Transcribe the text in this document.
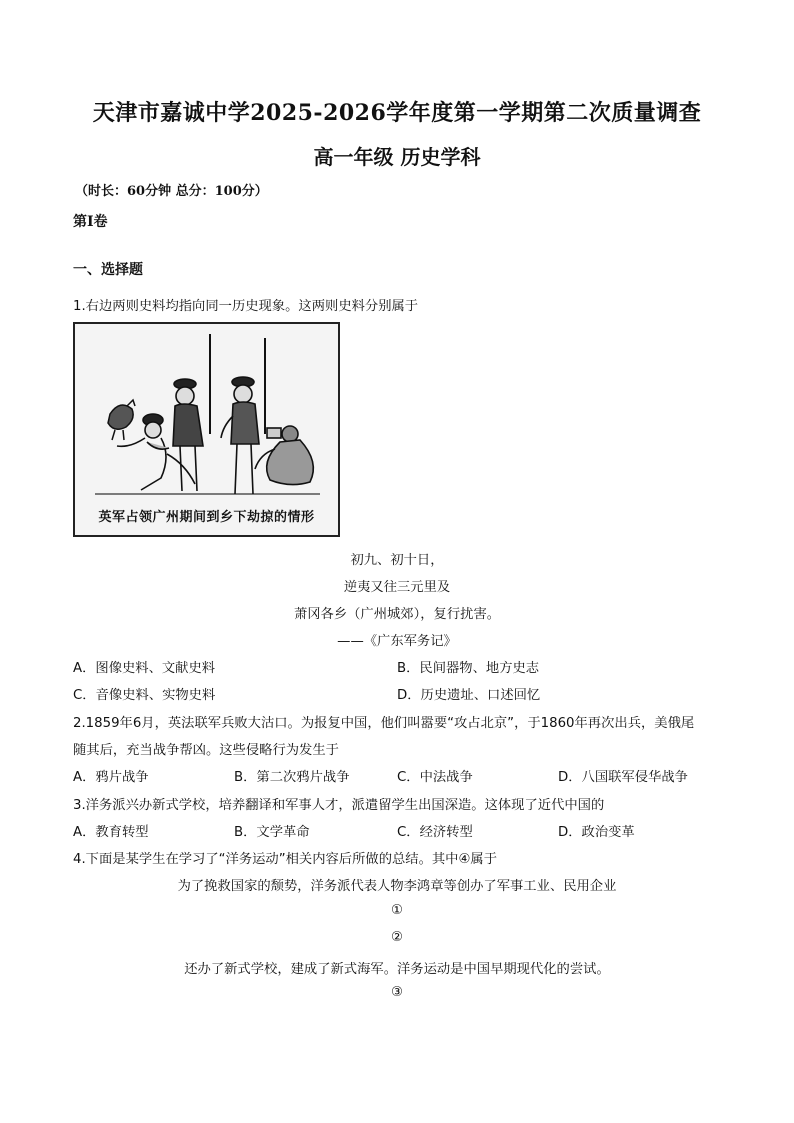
天津市嘉诚中学2025-2026学年度第一学期第二次质量调查
高一年级 历史学科
（时长：60分钟 总分：100分）
第Ⅰ卷
一、选择题
1.右边两则史料均指向同一历史现象。这两则史料分别属于
英军占领广州期间到乡下劫掠的情形
初九、初十日，
逆夷又往三元里及
萧冈各乡（广州城郊），复行扰害。
——《广东军务记》
A．图像史料、文献史料	B．民间器物、地方史志
C．音像史料、实物史料	D．历史遗址、口述回忆
2.1859年6月，英法联军兵败大沽口。为报复中国，他们叫嚣要“攻占北京”，于1860年再次出兵，美俄尾
随其后，充当战争帮凶。这些侵略行为发生于
A．鸦片战争	B．第二次鸦片战争	C．中法战争	D．八国联军侵华战争
3.洋务派兴办新式学校，培养翻译和军事人才，派遣留学生出国深造。这体现了近代中国的
A．教育转型	B．文学革命	C．经济转型	D．政治变革
4.下面是某学生在学习了“洋务运动”相关内容后所做的总结。其中④属于
为了挽救国家的颓势，洋务派代表人物李鸿章等创办了军事工业、民用企业
①
②
还办了新式学校，建成了新式海军。洋务运动是中国早期现代化的尝试。
③
